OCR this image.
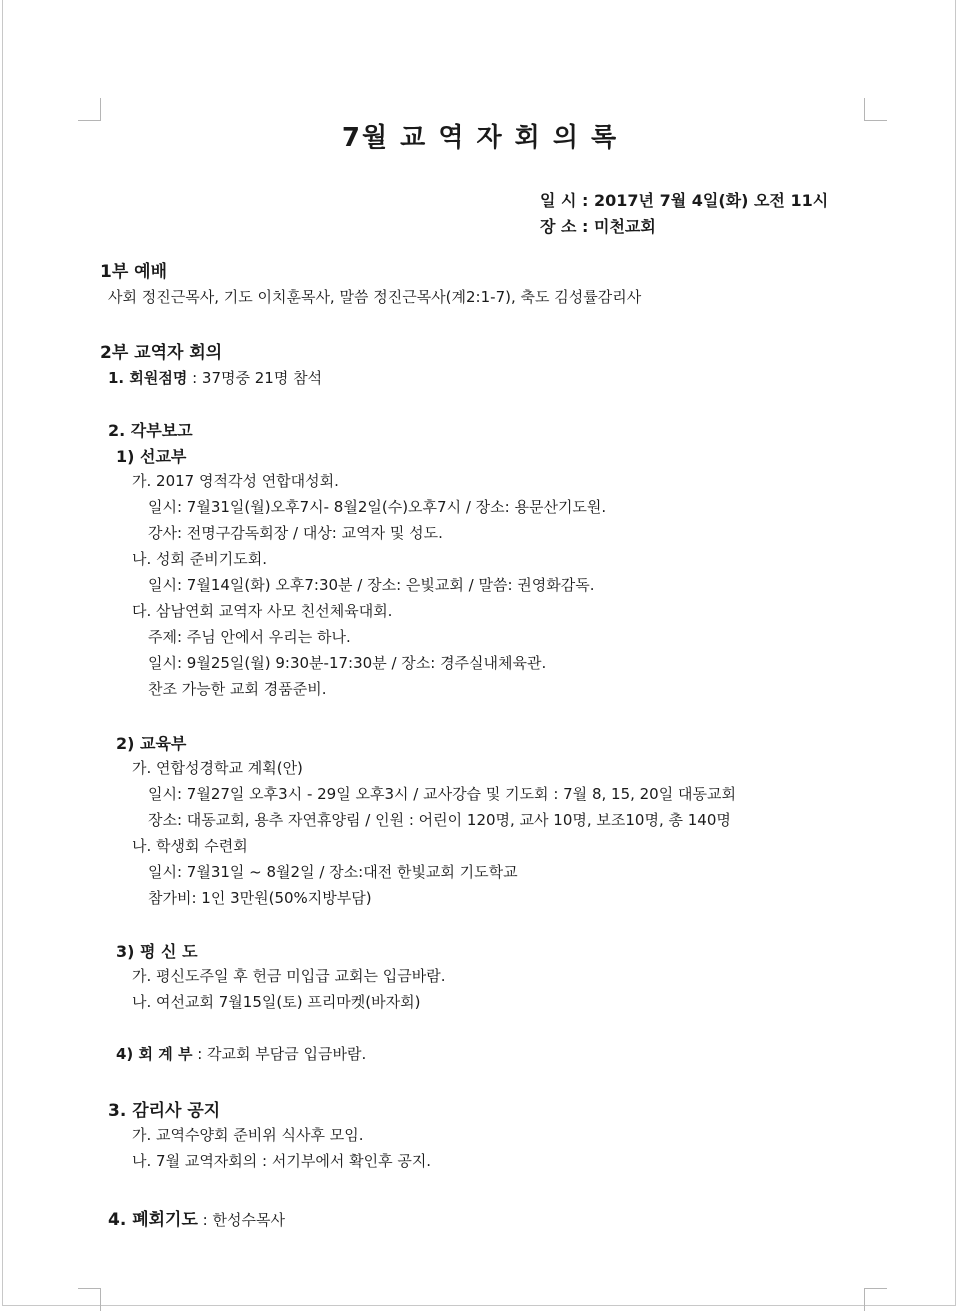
7월 교 역 자 회 의 록
일 시 : 2017년 7월 4일(화) 오전 11시
장 소 : 미천교회
1부 예배
사회 정진근목사, 기도 이치훈목사, 말씀 정진근목사(계2:1-7), 축도 김성률감리사
2부 교역자 회의
1. 회원점명 : 37명중 21명 참석
2. 각부보고
1) 선교부
가. 2017 영적각성 연합대성회.
일시: 7월31일(월)오후7시- 8월2일(수)오후7시 / 장소: 용문산기도원.
강사: 전명구감독회장 / 대상: 교역자 및 성도.
나. 성회 준비기도회.
일시: 7월14일(화) 오후7:30분 / 장소: 은빛교회 / 말씀: 권영화감독.
다. 삼남연회 교역자 사모 친선체육대회.
주제: 주님 안에서 우리는 하나.
일시: 9월25일(월) 9:30분-17:30분 / 장소: 경주실내체육관.
찬조 가능한 교회 경품준비.
2) 교육부
가. 연합성경학교 계획(안)
일시: 7월27일 오후3시 - 29일 오후3시 / 교사강습 및 기도회 : 7월 8, 15, 20일 대동교회
장소: 대동교회, 용추 자연휴양림 / 인원 : 어린이 120명, 교사 10명, 보조10명, 총 140명
나. 학생회 수련회
일시: 7월31일 ~ 8월2일 / 장소:대전 한빛교회 기도학교
참가비: 1인 3만원(50%지방부담)
3) 평 신 도
가. 평신도주일 후 헌금 미입급 교회는 입금바람.
나. 여선교회 7월15일(토) 프리마켓(바자회)
4) 회 계 부 : 각교회 부담금 입금바람.
3. 감리사 공지
가. 교역수양회 준비위 식사후 모임.
나. 7월 교역자회의 : 서기부에서 확인후 공지.
4. 폐회기도 : 한성수목사
